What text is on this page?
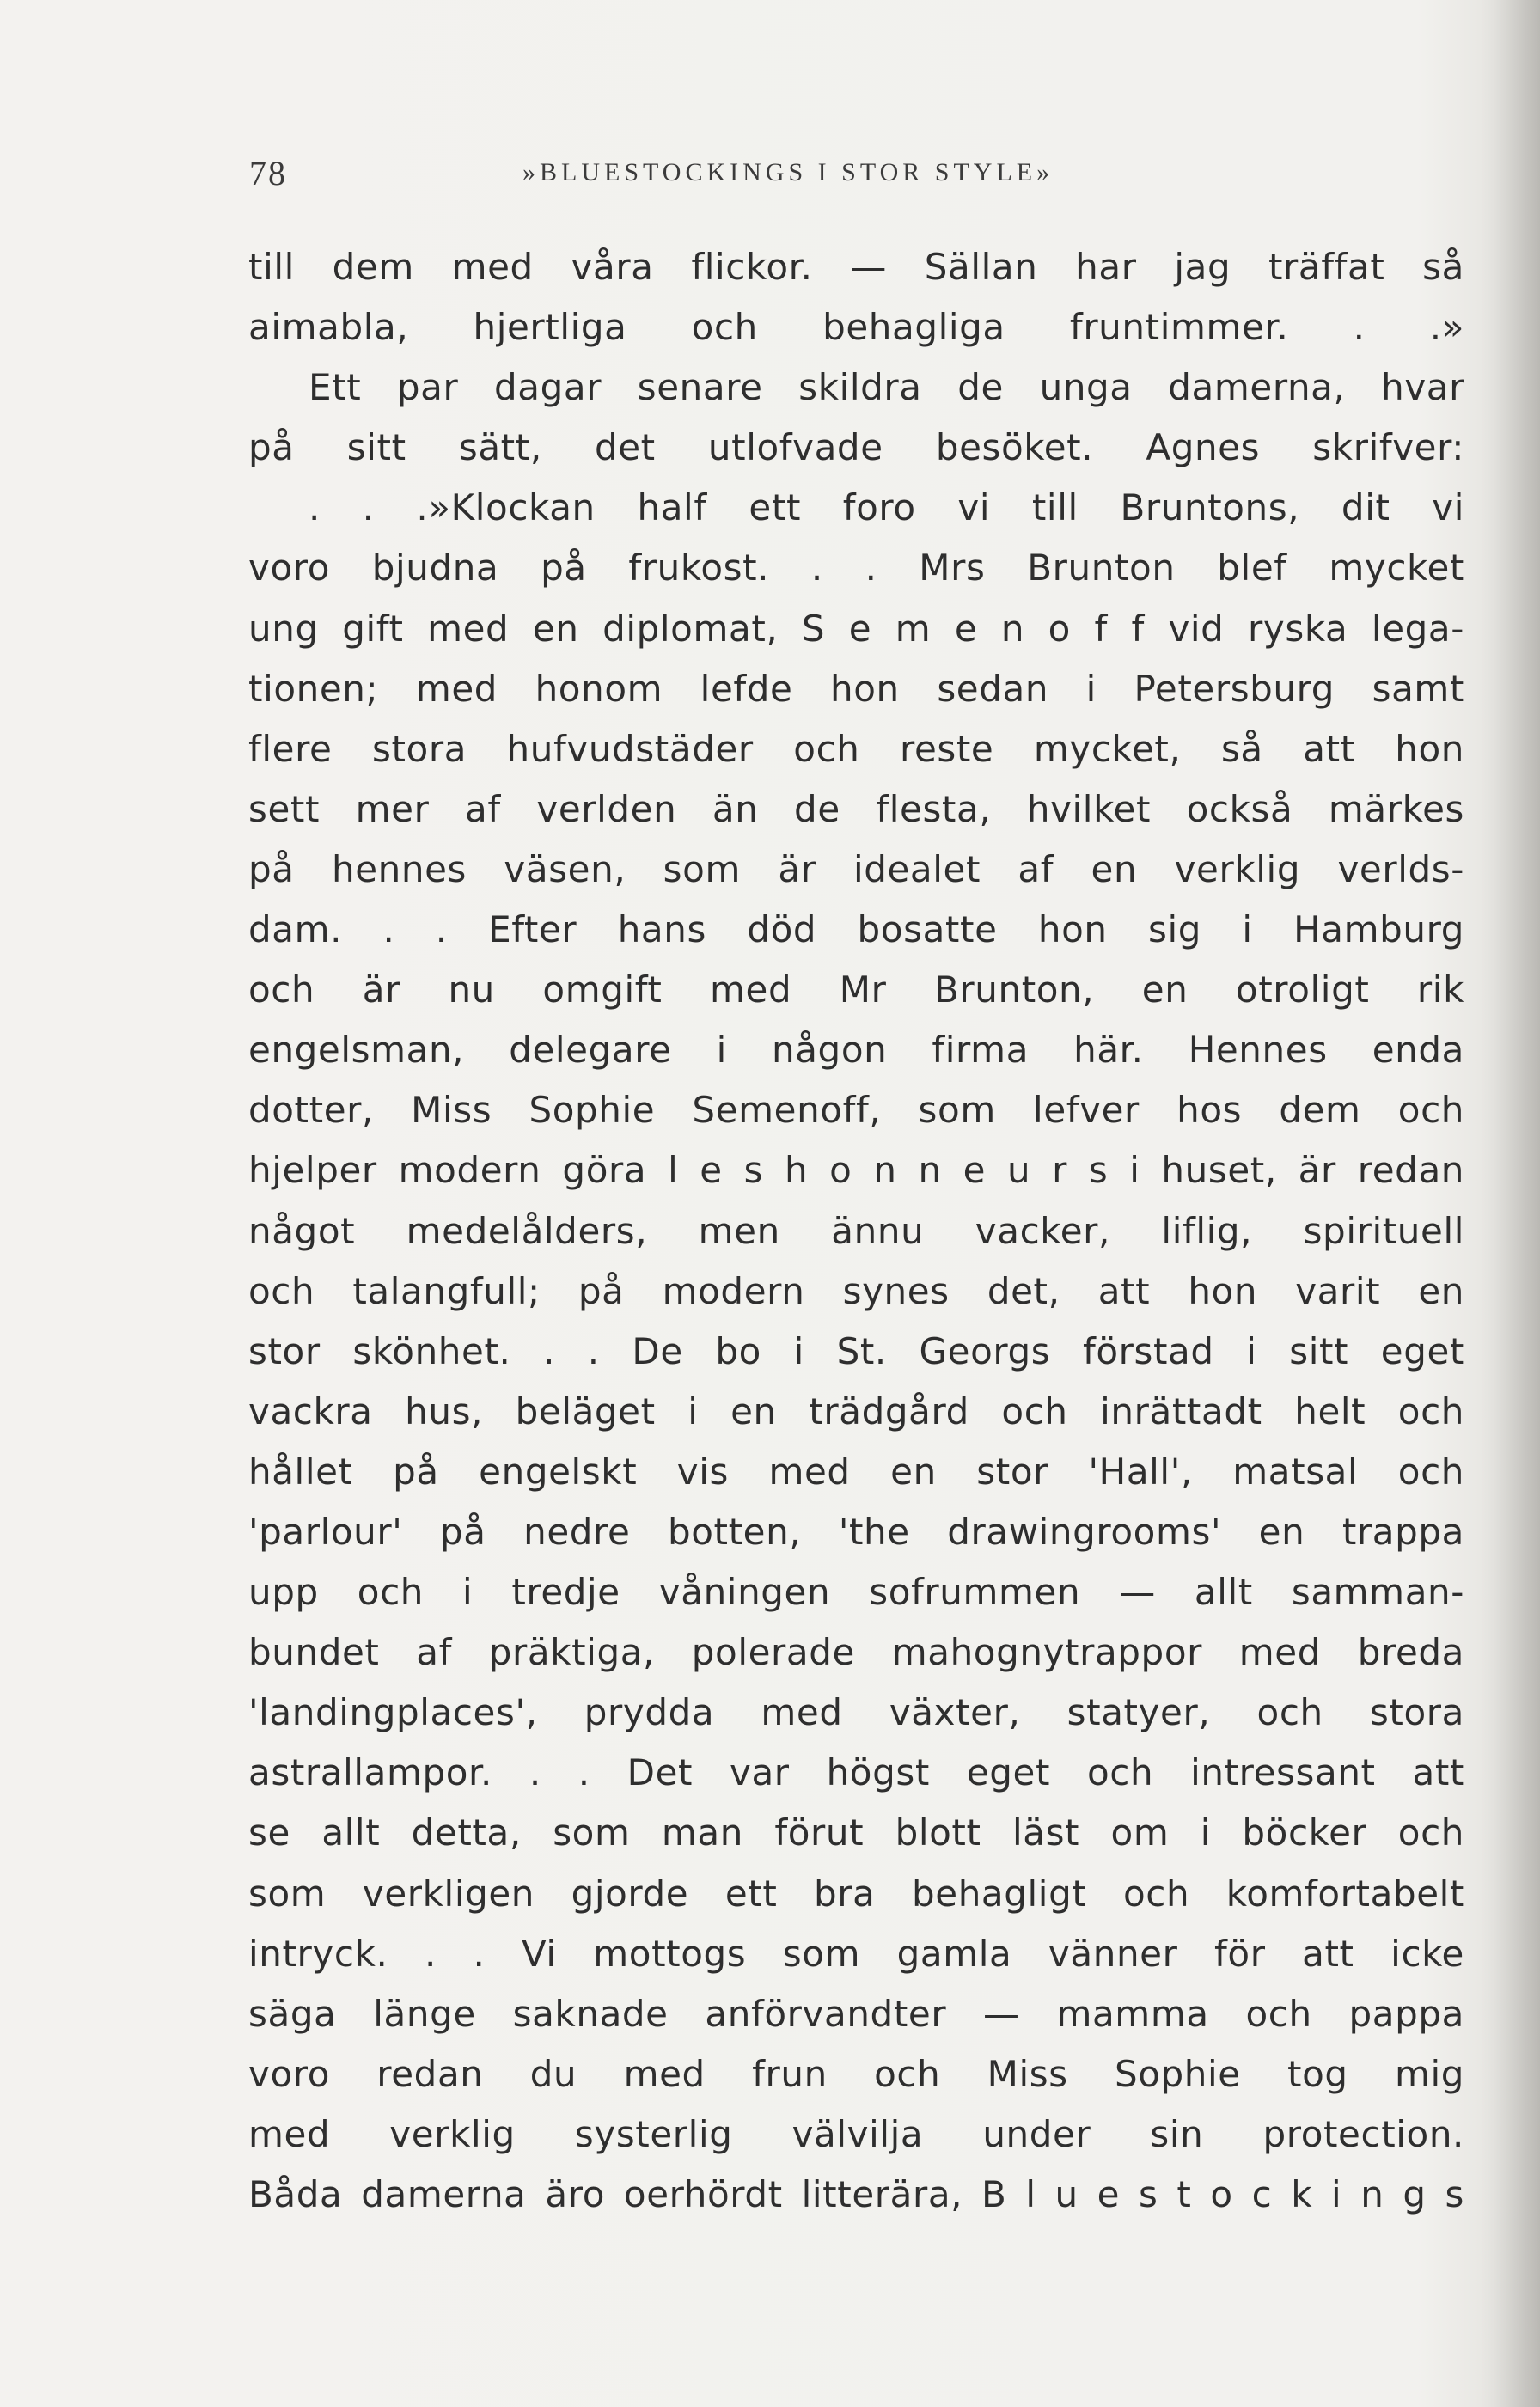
78	»BLUESTOCKINGS I STOR STYLE»
till dem med våra flickor. — Sällan har jag träffat så
aimabla, hjertliga och behagliga fruntimmer. . .»
Ett par dagar senare skildra de unga damerna, hvar
på sitt sätt, det utlofvade besöket. Agnes skrifver:
. . .»Klockan half ett foro vi till Bruntons, dit vi
voro bjudna på frukost. . . Mrs Brunton blef mycket
ung gift med en diplomat, S e m e n o f f vid ryska lega-
tionen; med honom lefde hon sedan i Petersburg samt
flere stora hufvudstäder och reste mycket, så att hon
sett mer af verlden än de flesta, hvilket också märkes
på hennes väsen, som är idealet af en verklig verlds-
dam. . . Efter hans död bosatte hon sig i Hamburg
och är nu omgift med Mr Brunton, en otroligt rik
engelsman, delegare i någon firma här. Hennes enda
dotter, Miss Sophie Semenoff, som lefver hos dem och
hjelper modern göra l e s h o n n e u r s i huset, är redan
något medelålders, men ännu vacker, liflig, spirituell
och talangfull; på modern synes det, att hon varit en
stor skönhet. . . De bo i St. Georgs förstad i sitt eget
vackra hus, beläget i en trädgård och inrättadt helt och
hållet på engelskt vis med en stor 'Hall', matsal och
'parlour' på nedre botten, 'the drawingrooms' en trappa
upp och i tredje våningen sofrummen — allt samman-
bundet af präktiga, polerade mahognytrappor med breda
'landingplaces', prydda med växter, statyer, och stora
astrallampor. . . Det var högst eget och intressant att
se allt detta, som man förut blott läst om i böcker och
som verkligen gjorde ett bra behagligt och komfortabelt
intryck. . . Vi mottogs som gamla vänner för att icke
säga länge saknade anförvandter — mamma och pappa
voro redan du med frun och Miss Sophie tog mig
med verklig systerlig välvilja under sin protection.
Båda damerna äro oerhördt litterära, B l u e s t o c k i n g s
